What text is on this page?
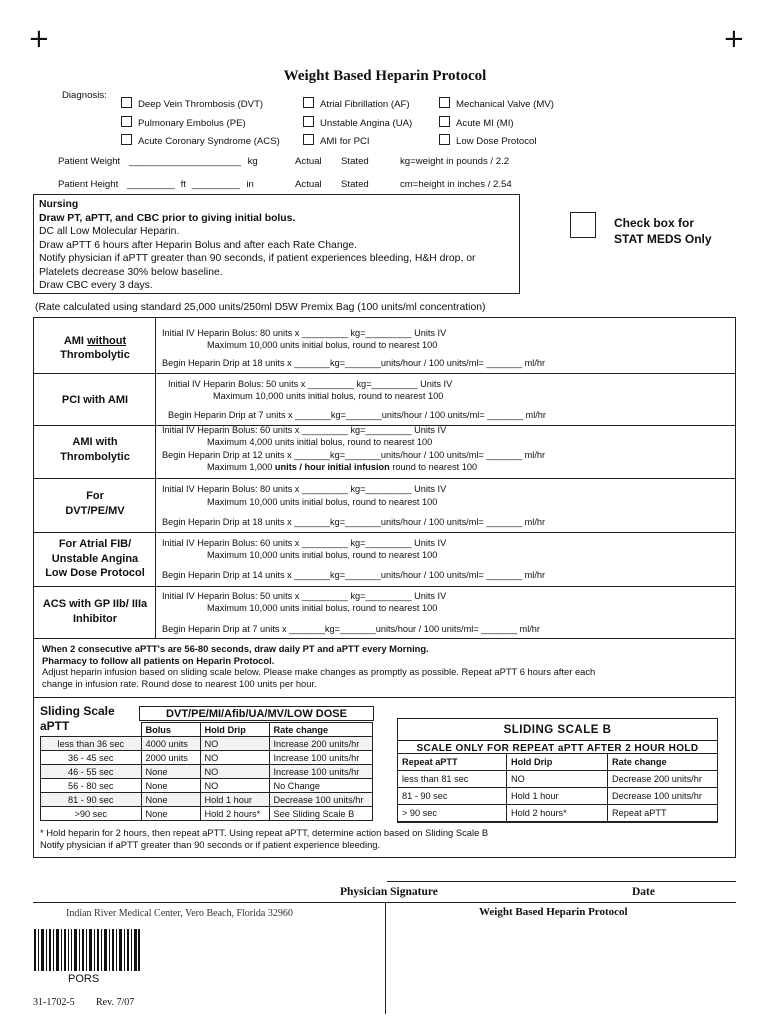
+	+
Weight Based Heparin Protocol
Diagnosis:
Deep Vein Thrombosis (DVT)
Pulmonary Embolus (PE)
Acute Coronary Syndrome (ACS)
Atrial Fibrillation (AF)
Unstable Angina (UA)
AMI for PCI
Mechanical Valve (MV)
Acute MI (MI)
Low Dose Protocol
Patient Weight _____________________ kg	Actual Stated	kg=weight in pounds / 2.2
Patient Height _________ ft _________ in	Actual Stated	cm=height in inches / 2.54
Nursing
Draw PT, aPTT, and CBC prior to giving initial bolus.
DC all Low Molecular Heparin.
Draw aPTT 6 hours after Heparin Bolus and after each Rate Change.
Notify physician if aPTT greater than 90 seconds, if patient experiences bleeding, H&H drop, or
Platelets decrease 30% below baseline.
Draw CBC every 3 days.
Check box for
STAT MEDS Only
(Rate calculated using standard 25,000 units/250ml D5W Premix Bag (100 units/ml concentration)
AMI without
Thrombolytic
Initial IV Heparin Bolus: 80 units x _________ kg=_________ Units IV
Maximum 10,000 units initial bolus, round to nearest 100
Begin Heparin Drip at 18 units x _______kg=_______units/hour / 100 units/ml= _______ ml/hr
PCI with AMI
Initial IV Heparin Bolus: 50 units x _________ kg=_________ Units IV
Maximum 10,000 units initial bolus, round to nearest 100
Begin Heparin Drip at 7 units x _______kg=_______units/hour / 100 units/ml= _______ ml/hr
AMI with
Thrombolytic
Initial IV Heparin Bolus: 60 units x _________ kg=_________ Units IV
Maximum 4,000 units initial bolus, round to nearest 100
Begin Heparin Drip at 12 units x _______kg=_______units/hour / 100 units/ml= _______ ml/hr
Maximum 1,000 units / hour initial infusion round to nearest 100
For
DVT/PE/MV
Initial IV Heparin Bolus: 80 units x _________ kg=_________ Units IV
Maximum 10,000 units initial bolus, round to nearest 100
Begin Heparin Drip at 18 units x _______kg=_______units/hour / 100 units/ml= _______ ml/hr
For Atrial FIB/
Unstable Angina
Low Dose Protocol
Initial IV Heparin Bolus: 60 units x _________ kg=_________ Units IV
Maximum 10,000 units initial bolus, round to nearest 100
Begin Heparin Drip at 14 units x _______kg=_______units/hour / 100 units/ml= _______ ml/hr
ACS with GP IIb/ IIIa
Inhibitor
Initial IV Heparin Bolus: 50 units x _________ kg=_________ Units IV
Maximum 10,000 units initial bolus, round to nearest 100
Begin Heparin Drip at 7 units x _______kg=_______units/hour / 100 units/ml= _______ ml/hr
When 2 consecutive aPTT's are 56-80 seconds, draw daily PT and aPTT every Morning.
Pharmacy to follow all patients on Heparin Protocol.
Adjust heparin infusion based on sliding scale below. Please make changes as promptly as possible. Repeat aPTT 6 hours after each
change in infusion rate. Round dose to nearest 100 units per hour.
Sliding Scale
aPTT
DVT/PE/MI/Afib/UA/MV/LOW DOSE
	Bolus	Hold Drip	Rate change
less than 36 sec	4000 units	NO	Increase 200 units/hr
36 - 45 sec	2000 units	NO	Increase 100 units/hr
46 - 55 sec	None	NO	Increase 100 units/hr
56 - 80 sec	None	NO	No Change
81 - 90 sec	None	Hold 1 hour	Decrease 100 units/hr
>90 sec	None	Hold 2 hours*	See Sliding Scale B
SLIDING SCALE B
SCALE ONLY FOR REPEAT aPTT AFTER 2 HOUR HOLD
Repeat aPTT	Hold Drip	Rate change
less than 81 sec	NO	Decrease 200 units/hr
81 - 90 sec	Hold 1 hour	Decrease 100 units/hr
> 90 sec	Hold 2 hours*	Repeat aPTT
* Hold heparin for 2 hours, then repeat aPTT. Using repeat aPTT, determine action based on Sliding Scale B
Notify physician if aPTT greater than 90 seconds or if patient experience bleeding.
Physician Signature	Date
Weight Based Heparin Protocol
Indian River Medical Center, Vero Beach, Florida 32960
PORS
31-1702-5 Rev. 7/07
